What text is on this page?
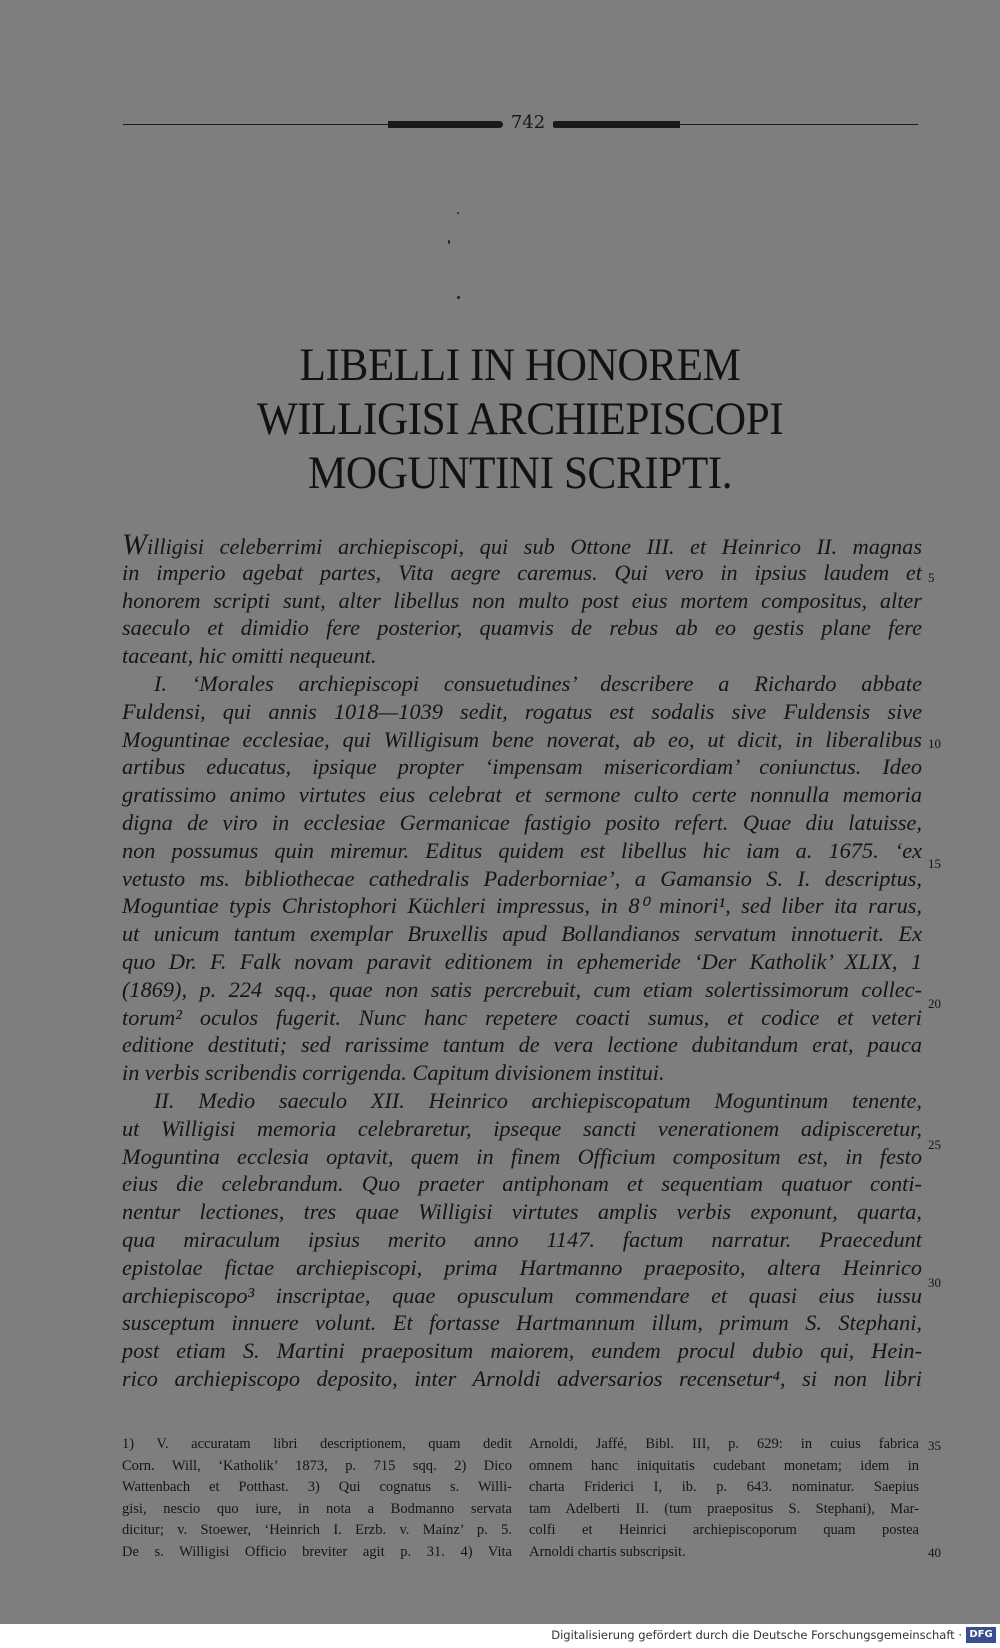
742
LIBELLI IN HONOREM
WILLIGISI ARCHIEPISCOPI
MOGUNTINI SCRIPTI.
Willigisi celeberrimi archiepiscopi, qui sub Ottone III. et Heinrico II. magnas
in imperio agebat partes, Vita aegre caremus. Qui vero in ipsius laudem et
honorem scripti sunt, alter libellus non multo post eius mortem compositus, alter
saeculo et dimidio fere posterior, quamvis de rebus ab eo gestis plane fere
taceant, hic omitti nequeunt.
I. ‘Morales archiepiscopi consuetudines’ describere a Richardo abbate
Fuldensi, qui annis 1018—1039 sedit, rogatus est sodalis sive Fuldensis sive
Moguntinae ecclesiae, qui Willigisum bene noverat, ab eo, ut dicit, in liberalibus
artibus educatus, ipsique propter ‘impensam misericordiam’ coniunctus. Ideo
gratissimo animo virtutes eius celebrat et sermone culto certe nonnulla memoria
digna de viro in ecclesiae Germanicae fastigio posito refert. Quae diu latuisse,
non possumus quin miremur. Editus quidem est libellus hic iam a. 1675. ‘ex
vetusto ms. bibliothecae cathedralis Paderborniae’, a Gamansio S. I. descriptus,
Moguntiae typis Christophori Küchleri impressus, in 8⁰ minori¹, sed liber ita rarus,
ut unicum tantum exemplar Bruxellis apud Bollandianos servatum innotuerit. Ex
quo Dr. F. Falk novam paravit editionem in ephemeride ‘Der Katholik’ XLIX, 1
(1869), p. 224 sqq., quae non satis percrebuit, cum etiam solertissimorum collec-
torum² oculos fugerit. Nunc hanc repetere coacti sumus, et codice et veteri
editione destituti; sed rarissime tantum de vera lectione dubitandum erat, pauca
in verbis scribendis corrigenda. Capitum divisionem institui.
II. Medio saeculo XII. Heinrico archiepiscopatum Moguntinum tenente,
ut Willigisi memoria celebraretur, ipseque sancti venerationem adipisceretur,
Moguntina ecclesia optavit, quem in finem Officium compositum est, in festo
eius die celebrandum. Quo praeter antiphonam et sequentiam quatuor conti-
nentur lectiones, tres quae Willigisi virtutes amplis verbis exponunt, quarta,
qua miraculum ipsius merito anno 1147. factum narratur. Praecedunt
epistolae fictae archiepiscopi, prima Hartmanno praeposito, altera Heinrico
archiepiscopo³ inscriptae, quae opusculum commendare et quasi eius iussu
susceptum innuere volunt. Et fortasse Hartmannum illum, primum S. Stephani,
post etiam S. Martini praepositum maiorem, eundem procul dubio qui, Hein-
rico archiepiscopo deposito, inter Arnoldi adversarios recensetur⁴, si non libri
5
10
15
20
25
30
35
40
1) V. accuratam libri descriptionem, quam dedit
Corn. Will, ‘Katholik’ 1873, p. 715 sqq. 2) Dico
Wattenbach et Potthast. 3) Qui cognatus s. Willi-
gisi, nescio quo iure, in nota a Bodmanno servata
dicitur; v. Stoewer, ‘Heinrich I. Erzb. v. Mainz’ p. 5.
De s. Willigisi Officio breviter agit p. 31. 4) Vita
Arnoldi, Jaffé, Bibl. III, p. 629: in cuius fabrica
omnem hanc iniquitatis cudebant monetam; idem in
charta Friderici I, ib. p. 643. nominatur. Saepius
tam Adelberti II. (tum praepositus S. Stephani), Mar-
colfi et Heinrici archiepiscoporum quam postea
Arnoldi chartis subscripsit.
Digitalisierung gefördert durch die Deutsche Forschungsgemeinschaft · DFG
